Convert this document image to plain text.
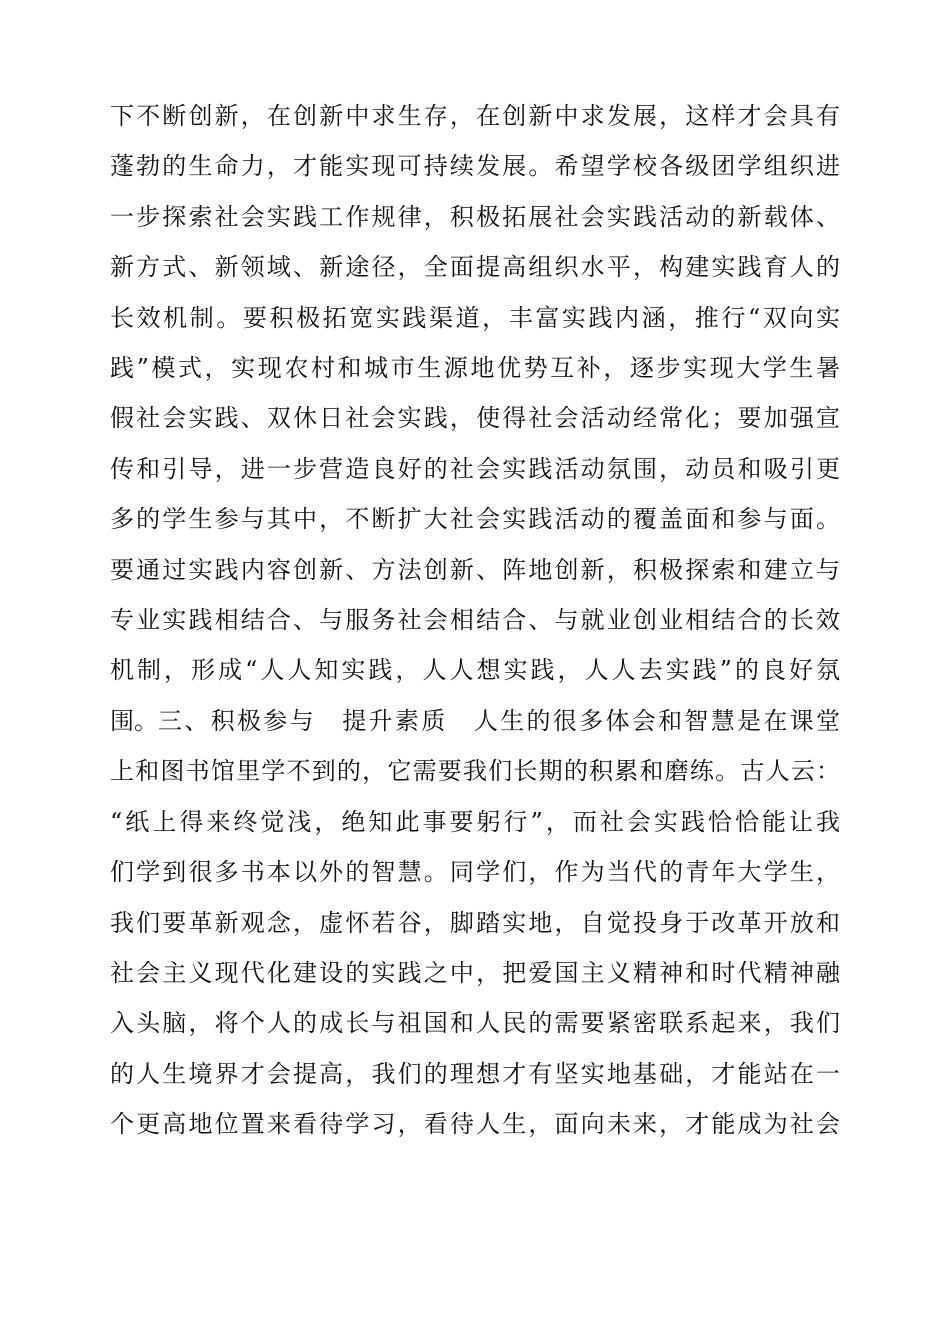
下不断创新，在创新中求生存，在创新中求发展，这样才会具有
蓬勃的生命力，才能实现可持续发展。希望学校各级团学组织进
一步探索社会实践工作规律，积极拓展社会实践活动的新载体、
新方式、新领域、新途径，全面提高组织水平，构建实践育人的
长效机制。要积极拓宽实践渠道，丰富实践内涵，推行“双向实
践”模式，实现农村和城市生源地优势互补，逐步实现大学生暑
假社会实践、双休日社会实践，使得社会活动经常化；要加强宣
传和引导，进一步营造良好的社会实践活动氛围，动员和吸引更
多的学生参与其中，不断扩大社会实践活动的覆盖面和参与面。
要通过实践内容创新、方法创新、阵地创新，积极探索和建立与
专业实践相结合、与服务社会相结合、与就业创业相结合的长效
机制，形成“人人知实践，人人想实践，人人去实践”的良好氛
围。 三、积极参与　提升素质　人生的很多体会和智慧是在课堂
上和图书馆里学不到的，它需要我们长期的积累和磨练。古人云：
“纸上得来终觉浅，绝知此事要躬行”，而社会实践恰恰能让我
们学到很多书本以外的智慧。同学们，作为当代的青年大学生，
我们要革新观念，虚怀若谷，脚踏实地，自觉投身于改革开放和
社会主义现代化建设的实践之中，把爱国主义精神和时代精神融
入头脑，将个人的成长与祖国和人民的需要紧密联系起来，我们
的人生境界才会提高，我们的理想才有坚实地基础，才能站在一
个更高地位置来看待学习，看待人生，面向未来，才能成为社会
